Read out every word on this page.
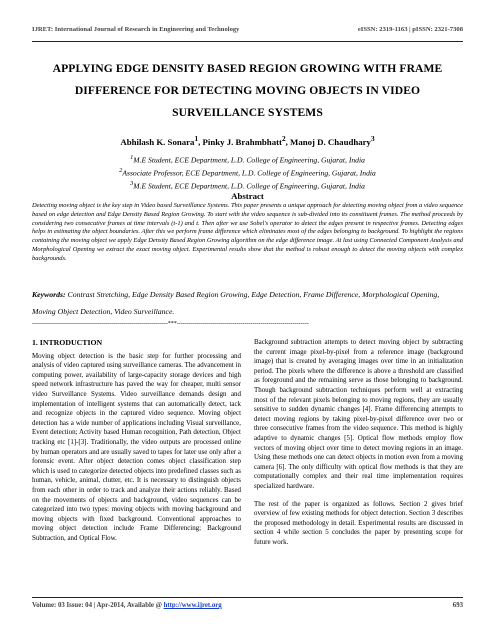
IJRET: International Journal of Research in Engineering and Technology	eISSN: 2319-1163 | pISSN: 2321-7308
APPLYING EDGE DENSITY BASED REGION GROWING WITH FRAME DIFFERENCE FOR DETECTING MOVING OBJECTS IN VIDEO SURVEILLANCE SYSTEMS
Abhilash K. Sonara$^1$, Pinky J. Brahmbhatt$^2$, Manoj D. Chaudhary$^3$
$^1$M.E Student, ECE Department, L.D. College of Engineering, Gujarat, India
$^2$Associate Professor, ECE Department, L.D. College of Engineering, Gujarat, India
$^3$M.E Student, ECE Department, L.D. College of Engineering, Gujarat, India
Abstract
Detecting moving object is the key step in Video based Surveillance Systems. This paper presents a unique approach for detecting moving object from a video sequence based on edge detection and Edge Density Based Region Growing. To start with the video sequence is sub-divided into its constituent frames. The method proceeds by considering two consecutive frames at time intervals (t-1) and t. Then after we use Sobel's operator to detect the edges present in respective frames. Detecting edges helps in estimating the object boundaries. After this we perform frame difference which eliminates most of the edges belonging to background. To highlight the regions containing the moving object we apply Edge Density Based Region Growing algorithm on the edge difference image. At last using Connected Component Analysis and Morphological Opening we extract the exact moving object. Experimental results show that the method is robust enough to detect the moving objects with complex backgrounds.
Keywords: Contrast Stretching, Edge Density Based Region Growing, Edge Detection, Frame Difference, Morphological Opening, Moving Object Detection, Video Surveillance.
--------------------------------------------------------------------***------------------------------------------------------------------
1. INTRODUCTION

Moving object detection is the basic step for further processing and analysis of video captured using surveillance cameras. The advancement in computing power, availability of large-capacity storage devices and high speed network infrastructure has paved the way for cheaper, multi sensor video Surveillance Systems. Video surveillance demands design and implementation of intelligent systems that can automatically detect, tack and recognize objects in the captured video sequence. Moving object detection has a wide number of applications including Visual surveillance, Event detection; Activity based Human recognition, Path detection, Object tracking etc [1]-[3]. Traditionally, the video outputs are processed online by human operators and are usually saved to tapes for later use only after a forensic event. After object detection comes object classification step which is used to categorize detected objects into predefined classes such as human, vehicle, animal, clutter, etc. It is necessary to distinguish objects from each other in order to track and analyze their actions reliably. Based on the movements of objects and background, video sequences can be categorized into two types: moving objects with moving background and moving objects with fixed background. Conventional approaches to moving object detection include Frame Differencing; Background Subtraction, and Optical Flow.

Background subtraction attempts to detect moving object by subtracting the current image pixel-by-pixel from a reference image (background image) that is created by averaging images over time in an initialization period. The pixels where the difference is above a threshold are classified as foreground and the remaining serve as those belonging to background. Though background subtraction techniques perform well at extracting most of the relevant pixels belonging to moving regions, they are usually sensitive to sudden dynamic changes [4]. Frame differencing attempts to detect moving regions by taking pixel-by-pixel difference over two or three consecutive frames from the video sequence. This method is highly adaptive to dynamic changes [5]. Optical flow methods employ flow vectors of moving object over time to detect moving regions in an image. Using these methods one can detect objects in motion even from a moving camera [6]. The only difficulty with optical flow methods is that they are computationally complex and their real time implementation requires specialized hardware.

The rest of the paper is organized as follows. Section 2 gives brief overview of few existing methods for object detection. Section 3 describes the proposed methodology in detail. Experimental results are discussed in section 4 while section 5 concludes the paper by presenting scope for future work.

Volume: 03 Issue: 04 | Apr-2014, Available @ http://www.ijret.org	693
